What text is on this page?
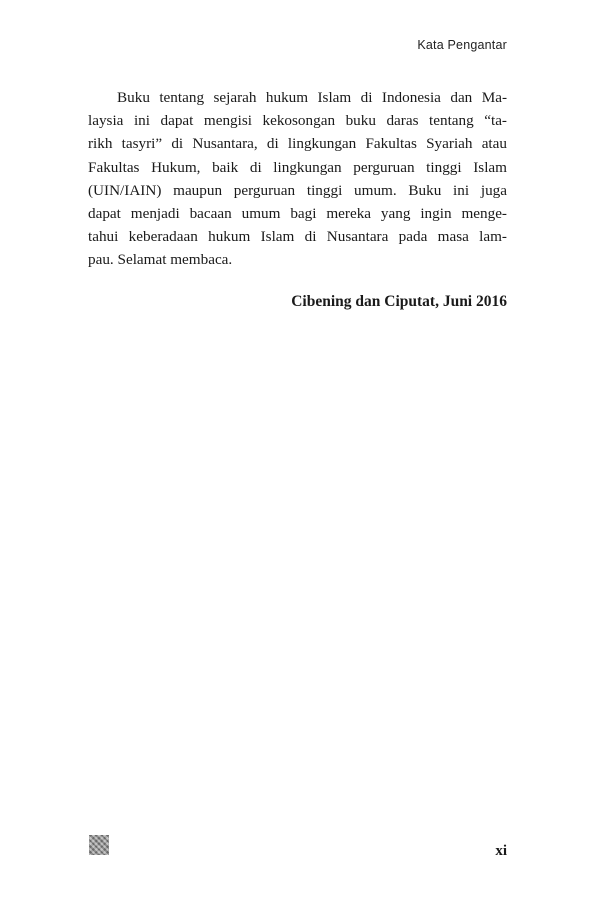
Kata Pengantar

Buku tentang sejarah hukum Islam di Indonesia dan Ma-
laysia ini dapat mengisi kekosongan buku daras tentang “ta-
rikh tasyri” di Nusantara, di lingkungan Fakultas Syariah atau
Fakultas Hukum, baik di lingkungan perguruan tinggi Islam
(UIN/IAIN) maupun perguruan tinggi umum. Buku ini juga
dapat menjadi bacaan umum bagi mereka yang ingin menge-
tahui keberadaan hukum Islam di Nusantara pada masa lam-
pau. Selamat membaca.

Cibening dan Ciputat, Juni 2016
xi
